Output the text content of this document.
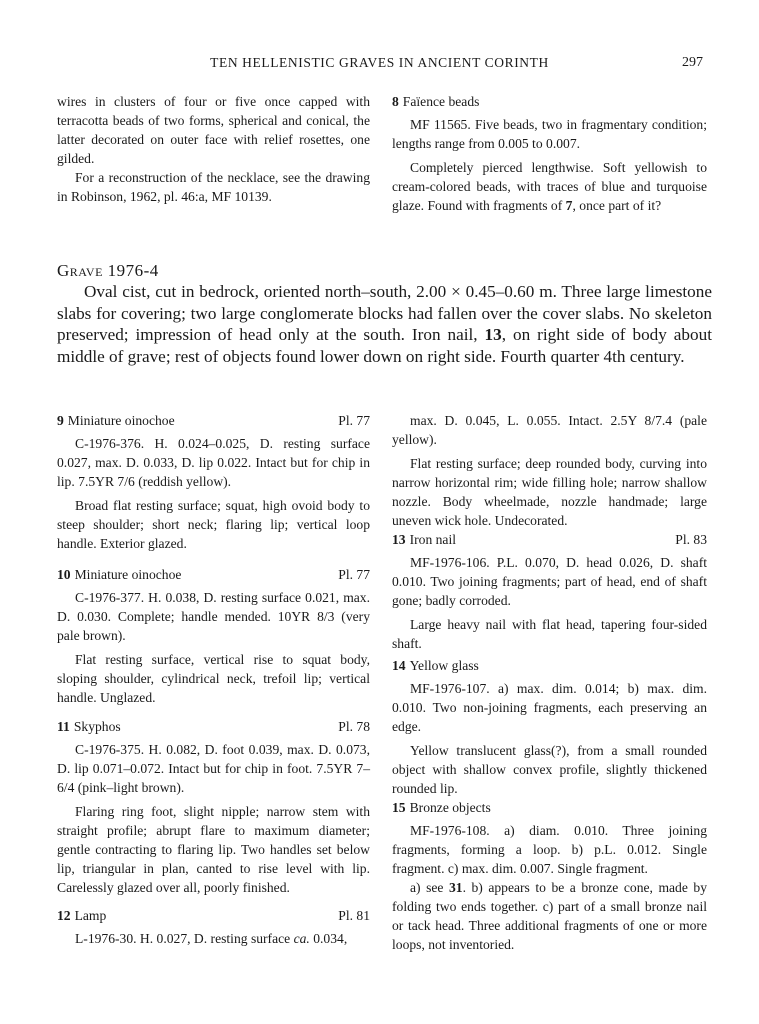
TEN HELLENISTIC GRAVES IN ANCIENT CORINTH	297

wires in clusters of four or five once capped with terracotta beads of two forms, spherical and conical, the latter decorated on outer face with relief rosettes, one gilded.

For a reconstruction of the necklace, see the drawing in Robinson, 1962, pl. 46:a, MF 10139.

8 Faïence beads

MF 11565. Five beads, two in fragmentary condition; lengths range from 0.005 to 0.007.

Completely pierced lengthwise. Soft yellowish to cream-colored beads, with traces of blue and turquoise glaze. Found with fragments of 7, once part of it?

Grave 1976-4

Oval cist, cut in bedrock, oriented north–south, 2.00 × 0.45–0.60 m. Three large limestone slabs for covering; two large conglomerate blocks had fallen over the cover slabs. No skeleton preserved; impression of head only at the south. Iron nail, 13, on right side of body about middle of grave; rest of objects found lower down on right side. Fourth quarter 4th century.

9 Miniature oinochoe	Pl. 77

C-1976-376. H. 0.024–0.025, D. resting surface 0.027, max. D. 0.033, D. lip 0.022. Intact but for chip in lip. 7.5YR 7/6 (reddish yellow).

Broad flat resting surface; squat, high ovoid body to steep shoulder; short neck; flaring lip; vertical loop handle. Exterior glazed.

10 Miniature oinochoe	Pl. 77

C-1976-377. H. 0.038, D. resting surface 0.021, max. D. 0.030. Complete; handle mended. 10YR 8/3 (very pale brown).

Flat resting surface, vertical rise to squat body, sloping shoulder, cylindrical neck, trefoil lip; vertical handle. Unglazed.

11 Skyphos	Pl. 78

C-1976-375. H. 0.082, D. foot 0.039, max. D. 0.073, D. lip 0.071–0.072. Intact but for chip in foot. 7.5YR 7–6/4 (pink–light brown).

Flaring ring foot, slight nipple; narrow stem with straight profile; abrupt flare to maximum diameter; gentle contracting to flaring lip. Two handles set below lip, triangular in plan, canted to rise level with lip. Carelessly glazed over all, poorly finished.

12 Lamp	Pl. 81

L-1976-30. H. 0.027, D. resting surface ca. 0.034,

max. D. 0.045, L. 0.055. Intact. 2.5Y 8/7.4 (pale yellow).

Flat resting surface; deep rounded body, curving into narrow horizontal rim; wide filling hole; narrow shallow nozzle. Body wheelmade, nozzle handmade; large uneven wick hole. Undecorated.

13 Iron nail	Pl. 83

MF-1976-106. P.L. 0.070, D. head 0.026, D. shaft 0.010. Two joining fragments; part of head, end of shaft gone; badly corroded.

Large heavy nail with flat head, tapering four-sided shaft.

14 Yellow glass

MF-1976-107. a) max. dim. 0.014; b) max. dim. 0.010. Two non-joining fragments, each preserving an edge.

Yellow translucent glass(?), from a small rounded object with shallow convex profile, slightly thickened rounded lip.

15 Bronze objects

MF-1976-108. a) diam. 0.010. Three joining fragments, forming a loop. b) p.L. 0.012. Single fragment. c) max. dim. 0.007. Single fragment.

a) see 31. b) appears to be a bronze cone, made by folding two ends together. c) part of a small bronze nail or tack head. Three additional fragments of one or more loops, not inventoried.
